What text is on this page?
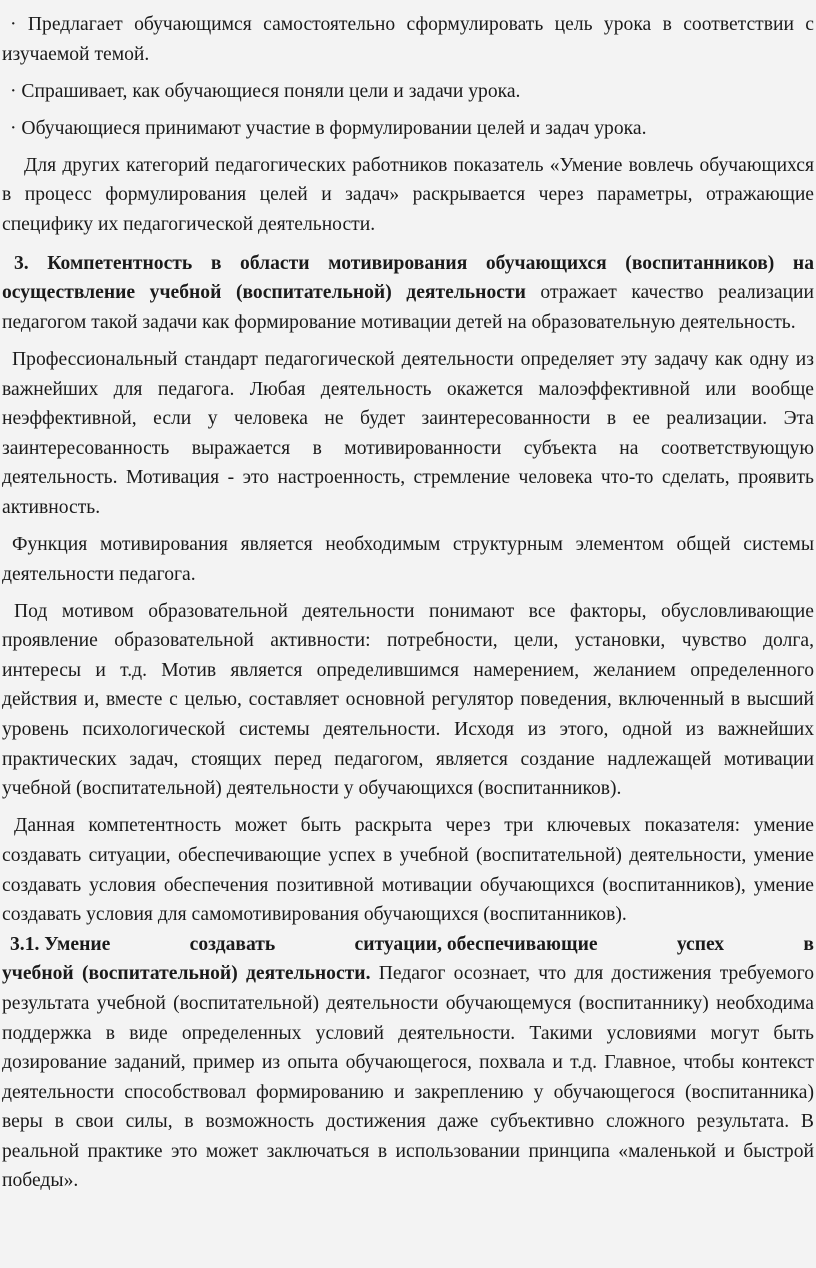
· Предлагает обучающимся самостоятельно сформулировать цель урока в соответствии с изучаемой темой.

· Спрашивает, как обучающиеся поняли цели и задачи урока.

· Обучающиеся принимают участие в формулировании целей и задач урока.

Для других категорий педагогических работников показатель «Умение вовлечь обучающихся в процесс формулирования целей и задач» раскрывается через параметры, отражающие специфику их педагогической деятельности.

3. Компетентность в области мотивирования обучающихся (воспитанников) на осуществление учебной (воспитательной) деятельности отражает качество реализации педагогом такой задачи как формирование мотивации детей на образовательную деятельность.

Профессиональный стандарт педагогической деятельности определяет эту задачу как одну из важнейших для педагога. Любая деятельность окажется малоэффективной или вообще неэффективной, если у человека не будет заинтересованности в ее реализации. Эта заинтересованность выражается в мотивированности субъекта на соответствующую деятельность. Мотивация - это настроенность, стремление человека что-то сделать, проявить активность.

Функция мотивирования является необходимым структурным элементом общей системы деятельности педагога.

Под мотивом образовательной деятельности понимают все факторы, обусловливающие проявление образовательной активности: потребности, цели, установки, чувство долга, интересы и т.д. Мотив является определившимся намерением, желанием определенного действия и, вместе с целью, составляет основной регулятор поведения, включенный в высший уровень психологической системы деятельности. Исходя из этого, одной из важнейших практических задач, стоящих перед педагогом, является создание надлежащей мотивации учебной (воспитательной) деятельности у обучающихся (воспитанников).

Данная компетентность может быть раскрыта через три ключевых показателя: умение создавать ситуации, обеспечивающие успех в учебной (воспитательной) деятельности, умение создавать условия обеспечения позитивной мотивации обучающихся (воспитанников), умение создавать условия для самомотивирования обучающихся (воспитанников).

3.1. Умение	создавать	ситуации, обеспечивающие	успех	в

учебной (воспитательной) деятельности. Педагог осознает, что для достижения требуемого результата учебной (воспитательной) деятельности обучающемуся (воспитаннику) необходима поддержка в виде определенных условий деятельности. Такими условиями могут быть дозирование заданий, пример из опыта обучающегося, похвала и т.д. Главное, чтобы контекст деятельности способствовал формированию и закреплению у обучающегося (воспитанника) веры в свои силы, в возможность достижения даже субъективно сложного результата. В реальной практике это может заключаться в использовании принципа «маленькой и быстрой победы».
